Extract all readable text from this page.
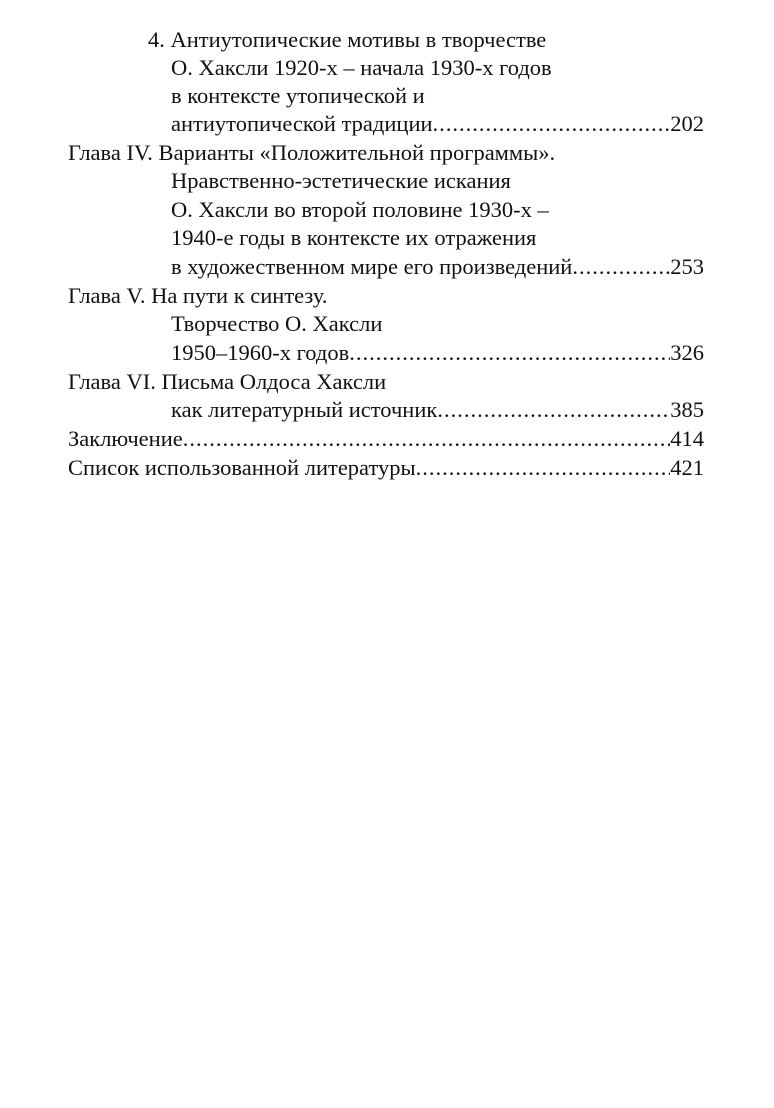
4. Антиутопические мотивы в творчестве
О. Хаксли 1920-х – начала 1930-х годов
в контексте утопической и
антиутопической традиции .....	202
Глава IV. Варианты «Положительной программы».
Нравственно-эстетические искания
О. Хаксли во второй половине 1930-х –
1940-е годы в контексте их отражения
в художественном мире его произведений .....	253
Глава V. На пути к синтезу.
Творчество О. Хаксли
1950–1960-х годов .....	326
Глава VI. Письма Олдоса Хаксли
как литературный источник .....	385
Заключение .....	414
Список использованной литературы .....	421
